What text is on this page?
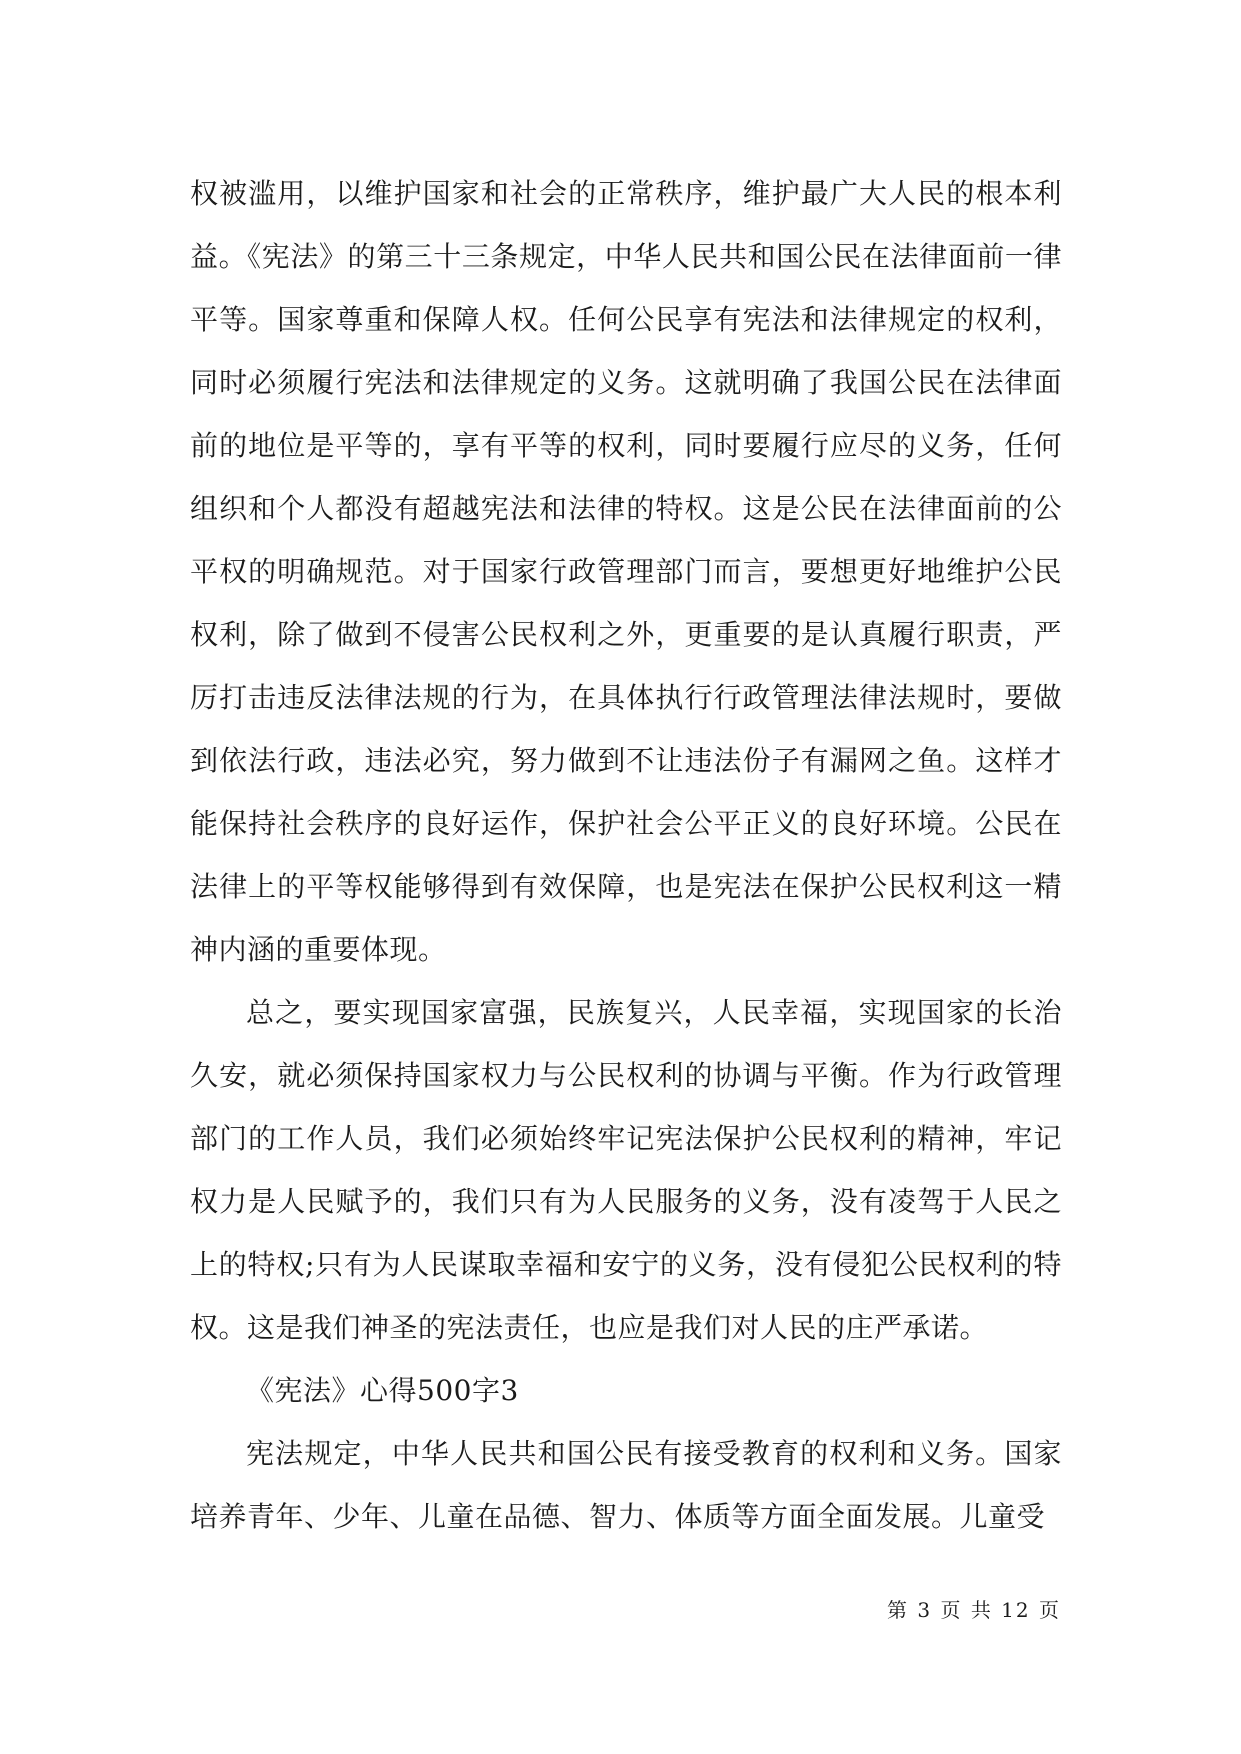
权被滥用，以维护国家和社会的正常秩序，维护最广大人民的根本利益。《宪法》的第三十三条规定，中华人民共和国公民在法律面前一律平等。国家尊重和保障人权。任何公民享有宪法和法律规定的权利，同时必须履行宪法和法律规定的义务。这就明确了我国公民在法律面前的地位是平等的，享有平等的权利，同时要履行应尽的义务，任何组织和个人都没有超越宪法和法律的特权。这是公民在法律面前的公平权的明确规范。对于国家行政管理部门而言，要想更好地维护公民权利，除了做到不侵害公民权利之外，更重要的是认真履行职责，严厉打击违反法律法规的行为，在具体执行行政管理法律法规时，要做到依法行政，违法必究，努力做到不让违法份子有漏网之鱼。这样才能保持社会秩序的良好运作，保护社会公平正义的良好环境。公民在法律上的平等权能够得到有效保障，也是宪法在保护公民权利这一精神内涵的重要体现。

总之，要实现国家富强，民族复兴，人民幸福，实现国家的长治久安，就必须保持国家权力与公民权利的协调与平衡。作为行政管理部门的工作人员，我们必须始终牢记宪法保护公民权利的精神，牢记权力是人民赋予的，我们只有为人民服务的义务，没有凌驾于人民之上的特权;只有为人民谋取幸福和安宁的义务，没有侵犯公民权利的特权。这是我们神圣的宪法责任，也应是我们对人民的庄严承诺。

《宪法》心得500字3

宪法规定，中华人民共和国公民有接受教育的权利和义务。国家培养青年、少年、儿童在品德、智力、体质等方面全面发展。儿童受

第 3 页 共 12 页
